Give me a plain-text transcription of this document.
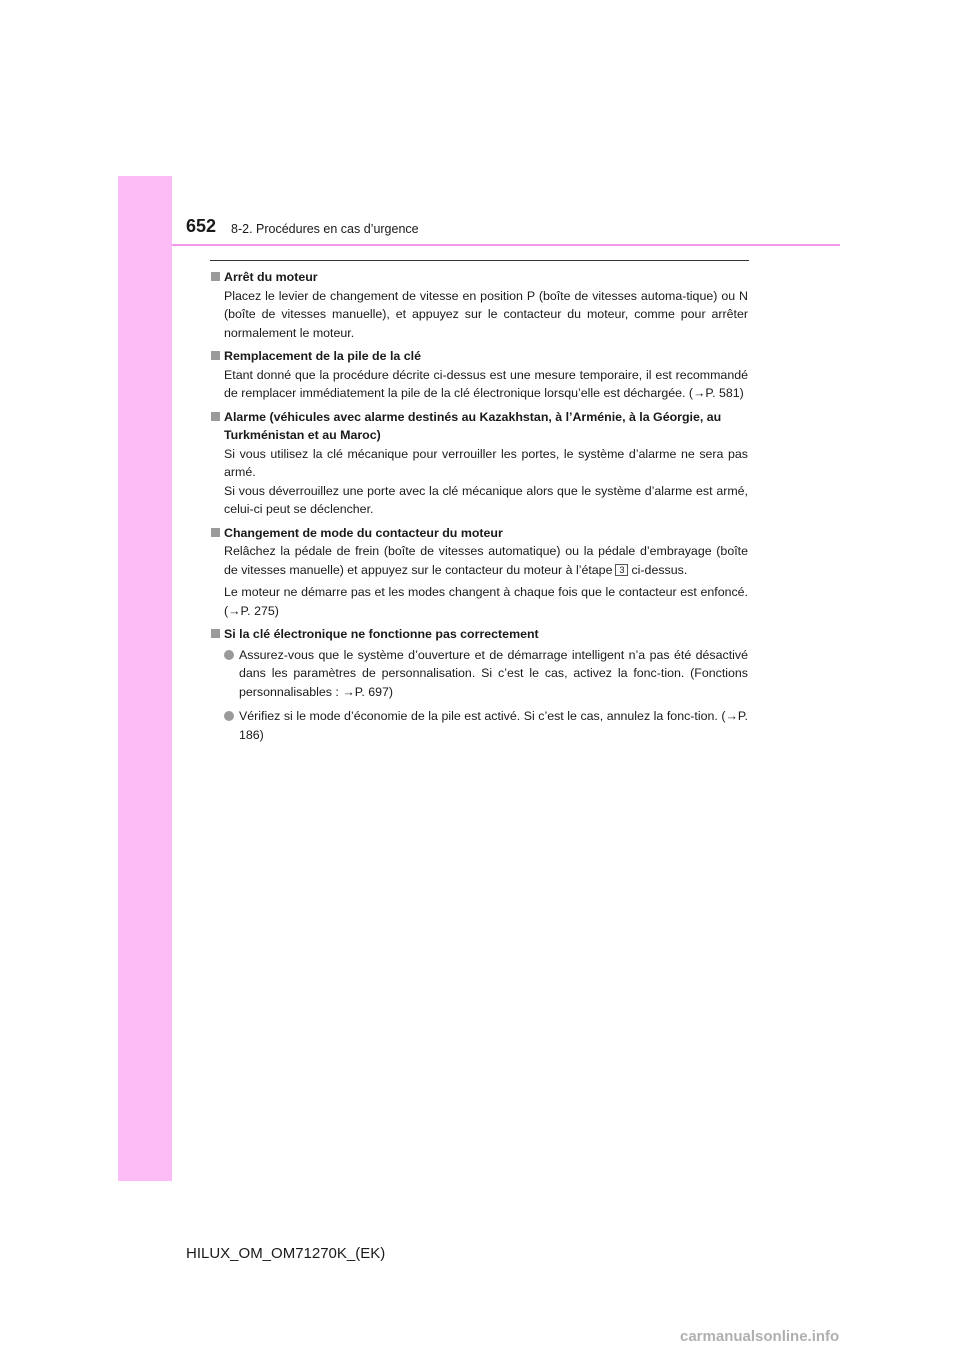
652 8-2. Procédures en cas d’urgence
Arrêt du moteur
Placez le levier de changement de vitesse en position P (boîte de vitesses automa-tique) ou N (boîte de vitesses manuelle), et appuyez sur le contacteur du moteur, comme pour arrêter normalement le moteur.
Remplacement de la pile de la clé
Etant donné que la procédure décrite ci-dessus est une mesure temporaire, il est recommandé de remplacer immédiatement la pile de la clé électronique lorsqu’elle est déchargée. (→P. 581)
Alarme (véhicules avec alarme destinés au Kazakhstan, à l’Arménie, à la Géorgie, au Turkménistan et au Maroc)
Si vous utilisez la clé mécanique pour verrouiller les portes, le système d’alarme ne sera pas armé.
Si vous déverrouillez une porte avec la clé mécanique alors que le système d’alarme est armé, celui-ci peut se déclencher.
Changement de mode du contacteur du moteur
Relâchez la pédale de frein (boîte de vitesses automatique) ou la pédale d’embrayage (boîte de vitesses manuelle) et appuyez sur le contacteur du moteur à l’étape 3 ci-dessus.
Le moteur ne démarre pas et les modes changent à chaque fois que le contacteur est enfoncé. (→P. 275)
Si la clé électronique ne fonctionne pas correctement
Assurez-vous que le système d’ouverture et de démarrage intelligent n’a pas été désactivé dans les paramètres de personnalisation. Si c’est le cas, activez la fonc-tion. (Fonctions personnalisables : →P. 697)
Vérifiez si le mode d’économie de la pile est activé. Si c’est le cas, annulez la fonc-tion. (→P. 186)
HILUX_OM_OM71270K_(EK)
carmanualsonline.info
